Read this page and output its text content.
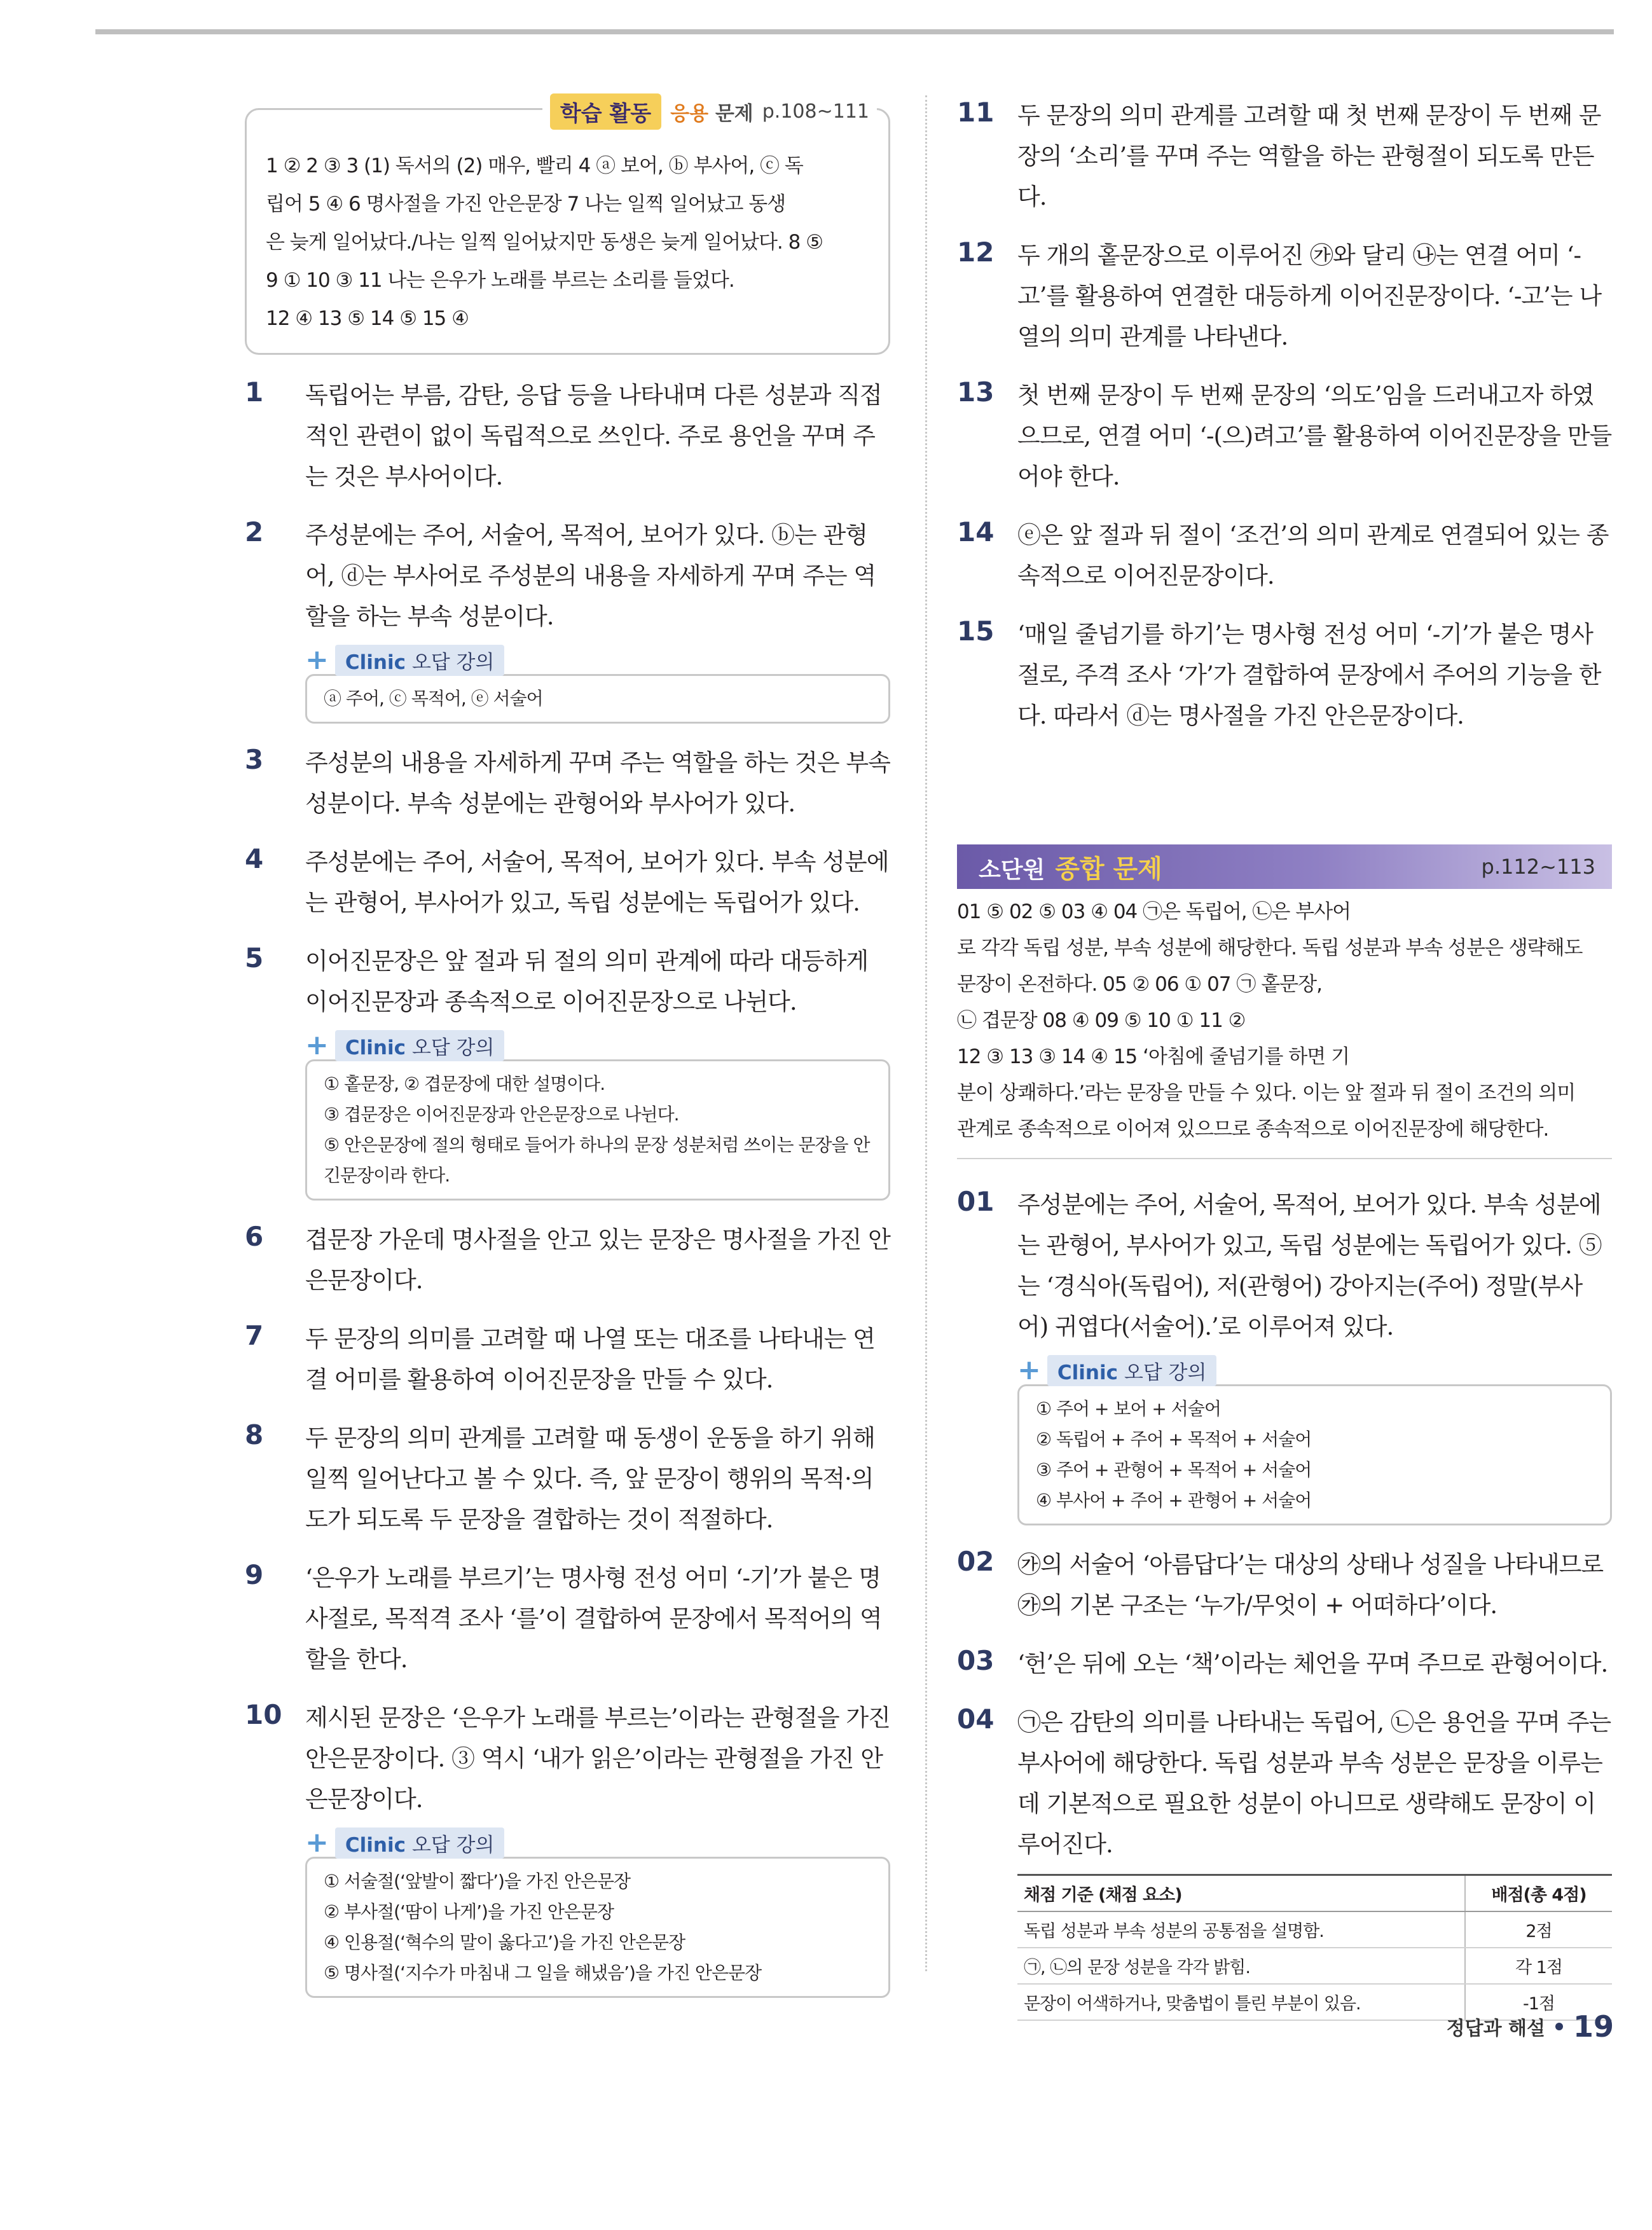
학습 활동 응용 문제 p.108~111
1 ② 2 ③ 3 (1) 독서의 (2) 매우, 빨리 4 ⓐ 보어, ⓑ 부사어, ⓒ 독
립어 5 ④ 6 명사절을 가진 안은문장 7 나는 일찍 일어났고 동생
은 늦게 일어났다./나는 일찍 일어났지만 동생은 늦게 일어났다. 8 ⑤
9 ① 10 ③ 11 나는 은우가 노래를 부르는 소리를 들었다.
12 ④ 13 ⑤ 14 ⑤ 15 ④
1 독립어는 부름, 감탄, 응답 등을 나타내며 다른 성분과 직접 적인 관련이 없이 독립적으로 쓰인다. 주로 용언을 꾸며 주는 것은 부사어이다.

2 주성분에는 주어, 서술어, 목적어, 보어가 있다. ⓑ는 관형어, ⓓ는 부사어로 주성분의 내용을 자세하게 꾸며 주는 역할을 하는 부속 성분이다.

+ Clinic 오답 강의
ⓐ 주어, ⓒ 목적어, ⓔ 서술어
3 주성분의 내용을 자세하게 꾸며 주는 역할을 하는 것은 부속 성분이다. 부속 성분에는 관형어와 부사어가 있다.

4 주성분에는 주어, 서술어, 목적어, 보어가 있다. 부속 성분에는 관형어, 부사어가 있고, 독립 성분에는 독립어가 있다.

5 이어진문장은 앞 절과 뒤 절의 의미 관계에 따라 대등하게 이어진문장과 종속적으로 이어진문장으로 나뉜다.

+ Clinic 오답 강의
① 홑문장, ② 겹문장에 대한 설명이다.
③ 겹문장은 이어진문장과 안은문장으로 나뉜다.
⑤ 안은문장에 절의 형태로 들어가 하나의 문장 성분처럼 쓰이는 문장을 안긴문장이라 한다.
6 겹문장 가운데 명사절을 안고 있는 문장은 명사절을 가진 안은문장이다.

7 두 문장의 의미를 고려할 때 나열 또는 대조를 나타내는 연결 어미를 활용하여 이어진문장을 만들 수 있다.

8 두 문장의 의미 관계를 고려할 때 동생이 운동을 하기 위해 일찍 일어난다고 볼 수 있다. 즉, 앞 문장이 행위의 목적·의도가 되도록 두 문장을 결합하는 것이 적절하다.

9 ‘은우가 노래를 부르기’는 명사형 전성 어미 ‘-기’가 붙은 명사절로, 목적격 조사 ‘를’이 결합하여 문장에서 목적어의 역할을 한다.

10 제시된 문장은 ‘은우가 노래를 부르는’이라는 관형절을 가진 안은문장이다. ③ 역시 ‘내가 읽은’이라는 관형절을 가진 안은문장이다.

+ Clinic 오답 강의
① 서술절(‘앞발이 짧다’)을 가진 안은문장
② 부사절(‘땀이 나게’)을 가진 안은문장
④ 인용절(‘혁수의 말이 옳다고’)을 가진 안은문장
⑤ 명사절(‘지수가 마침내 그 일을 해냈음’)을 가진 안은문장
11 두 문장의 의미 관계를 고려할 때 첫 번째 문장이 두 번째 문장의 ‘소리’를 꾸며 주는 역할을 하는 관형절이 되도록 만든다.

12 두 개의 홑문장으로 이루어진 ㉮와 달리 ㉯는 연결 어미 ‘-고’를 활용하여 연결한 대등하게 이어진문장이다. ‘-고’는 나열의 의미 관계를 나타낸다.

13 첫 번째 문장이 두 번째 문장의 ‘의도’임을 드러내고자 하였으므로, 연결 어미 ‘-(으)려고’를 활용하여 이어진문장을 만들어야 한다.

14 ⓔ은 앞 절과 뒤 절이 ‘조건’의 의미 관계로 연결되어 있는 종속적으로 이어진문장이다.

15 ‘매일 줄넘기를 하기’는 명사형 전성 어미 ‘-기’가 붙은 명사절로, 주격 조사 ‘가’가 결합하여 문장에서 주어의 기능을 한다. 따라서 ⓓ는 명사절을 가진 안은문장이다.

소단원 종합 문제	p.112~113
01 ⑤ 02 ⑤ 03 ④ 04 ㉠은 독립어, ㉡은 부사어
로 각각 독립 성분, 부속 성분에 해당한다. 독립 성분과 부속 성분은 생략해도
문장이 온전하다. 05 ② 06 ① 07 ㉠ 홑문장,
㉡ 겹문장 08 ④ 09 ⑤ 10 ① 11 ②
12 ③ 13 ③ 14 ④ 15 ‘아침에 줄넘기를 하면 기
분이 상쾌하다.’라는 문장을 만들 수 있다. 이는 앞 절과 뒤 절이 조건의 의미
관계로 종속적으로 이어져 있으므로 종속적으로 이어진문장에 해당한다.
01 주성분에는 주어, 서술어, 목적어, 보어가 있다. 부속 성분에는 관형어, 부사어가 있고, 독립 성분에는 독립어가 있다. ⑤는 ‘경식아(독립어), 저(관형어) 강아지는(주어) 정말(부사어) 귀엽다(서술어).’로 이루어져 있다.

+ Clinic 오답 강의
① 주어 + 보어 + 서술어
② 독립어 + 주어 + 목적어 + 서술어
③ 주어 + 관형어 + 목적어 + 서술어
④ 부사어 + 주어 + 관형어 + 서술어
02 ㉮의 서술어 ‘아름답다’는 대상의 상태나 성질을 나타내므로 ㉮의 기본 구조는 ‘누가/무엇이 + 어떠하다’이다.

03 ‘헌’은 뒤에 오는 ‘책’이라는 체언을 꾸며 주므로 관형어이다.

04 ㉠은 감탄의 의미를 나타내는 독립어, ㉡은 용언을 꾸며 주는 부사어에 해당한다. 독립 성분과 부속 성분은 문장을 이루는 데 기본적으로 필요한 성분이 아니므로 생략해도 문장이 이루어진다.

채점 기준 (채점 요소)	배점(총 4점)
독립 성분과 부속 성분의 공통점을 설명함.	2점
㉠, ㉡의 문장 성분을 각각 밝힘.	각 1점
문장이 어색하거나, 맞춤법이 틀린 부분이 있음.	-1점
정답과 해설 19
